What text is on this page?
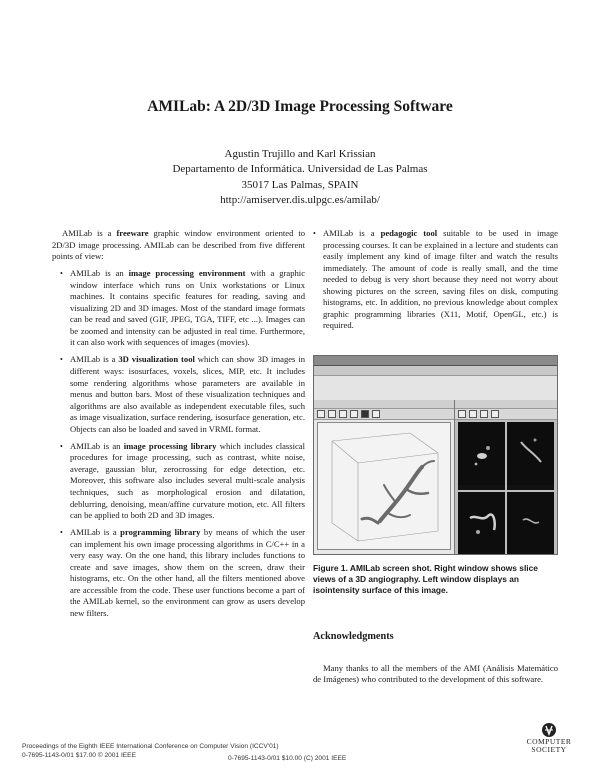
AMILab: A 2D/3D Image Processing Software
Agustin Trujillo and Karl Krissian
Departamento de Informática. Universidad de Las Palmas
35017 Las Palmas, SPAIN
http://amiserver.dis.ulpgc.es/amilab/

AMILab is a freeware graphic window environment oriented to 2D/3D image processing. AMILab can be described from five different points of view:

• AMILab is an image processing environment with a graphic window interface which runs on Unix workstations or Linux machines. It contains specific features for reading, saving and visualizing 2D and 3D images. Most of the standard image formats can be read and saved (GIF, JPEG, TGA, TIFF, etc ...). Images can be zoomed and intensity can be adjusted in real time. Furthermore, it can also work with sequences of images (movies).
• AMILab is a 3D visualization tool which can show 3D images in different ways: isosurfaces, voxels, slices, MIP, etc. It includes some rendering algorithms whose parameters are available in menus and button bars. Most of these visualization techniques and algorithms are also available as independent executable files, such as image visualization, surface rendering, isosurface generation, etc. Objects can also be loaded and saved in VRML format.
• AMILab is an image processing library which includes classical procedures for image processing, such as contrast, white noise, average, gaussian blur, zerocrossing for edge detection, etc. Moreover, this software also includes several multi-scale analysis techniques, such as morphological erosion and dilatation, deblurring, denoising, mean/affine curvature motion, etc. All filters can be applied to both 2D and 3D images.
• AMILab is a programming library by means of which the user can implement his own image processing algorithms in C/C++ in a very easy way. On the one hand, this library includes functions to create and save images, show them on the screen, draw their histograms, etc. On the other hand, all the filters mentioned above are accessible from the code. These user functions become a part of the AMILab kernel, so the environment can grow as users develop new filters.
• AMILab is a pedagogic tool suitable to be used in image processing courses. It can be explained in a lecture and students can easily implement any kind of image filter and watch the results immediately. The amount of code is really small, and the time needed to debug is very short because they need not worry about showing pictures on the screen, saving files on disk, computing histograms, etc. In addition, no previous knowledge about complex graphic programming libraries (X11, Motif, OpenGL, etc.) is required.
Figure 1. AMILab screen shot. Right window shows slice views of a 3D angiography. Left window displays an isointensity surface of this image.
Acknowledgments

Many thanks to all the members of the AMI (Análisis Matemático de Imágenes) who contributed to the development of this software.

Proceedings of the Eighth IEEE International Conference on Computer Vision (ICCV'01)
0-7695-1143-0/01 $17.00 © 2001 IEEE	0-7695-1143-0/01 $10.00 (C) 2001 IEEE
COMPUTER
SOCIETY
